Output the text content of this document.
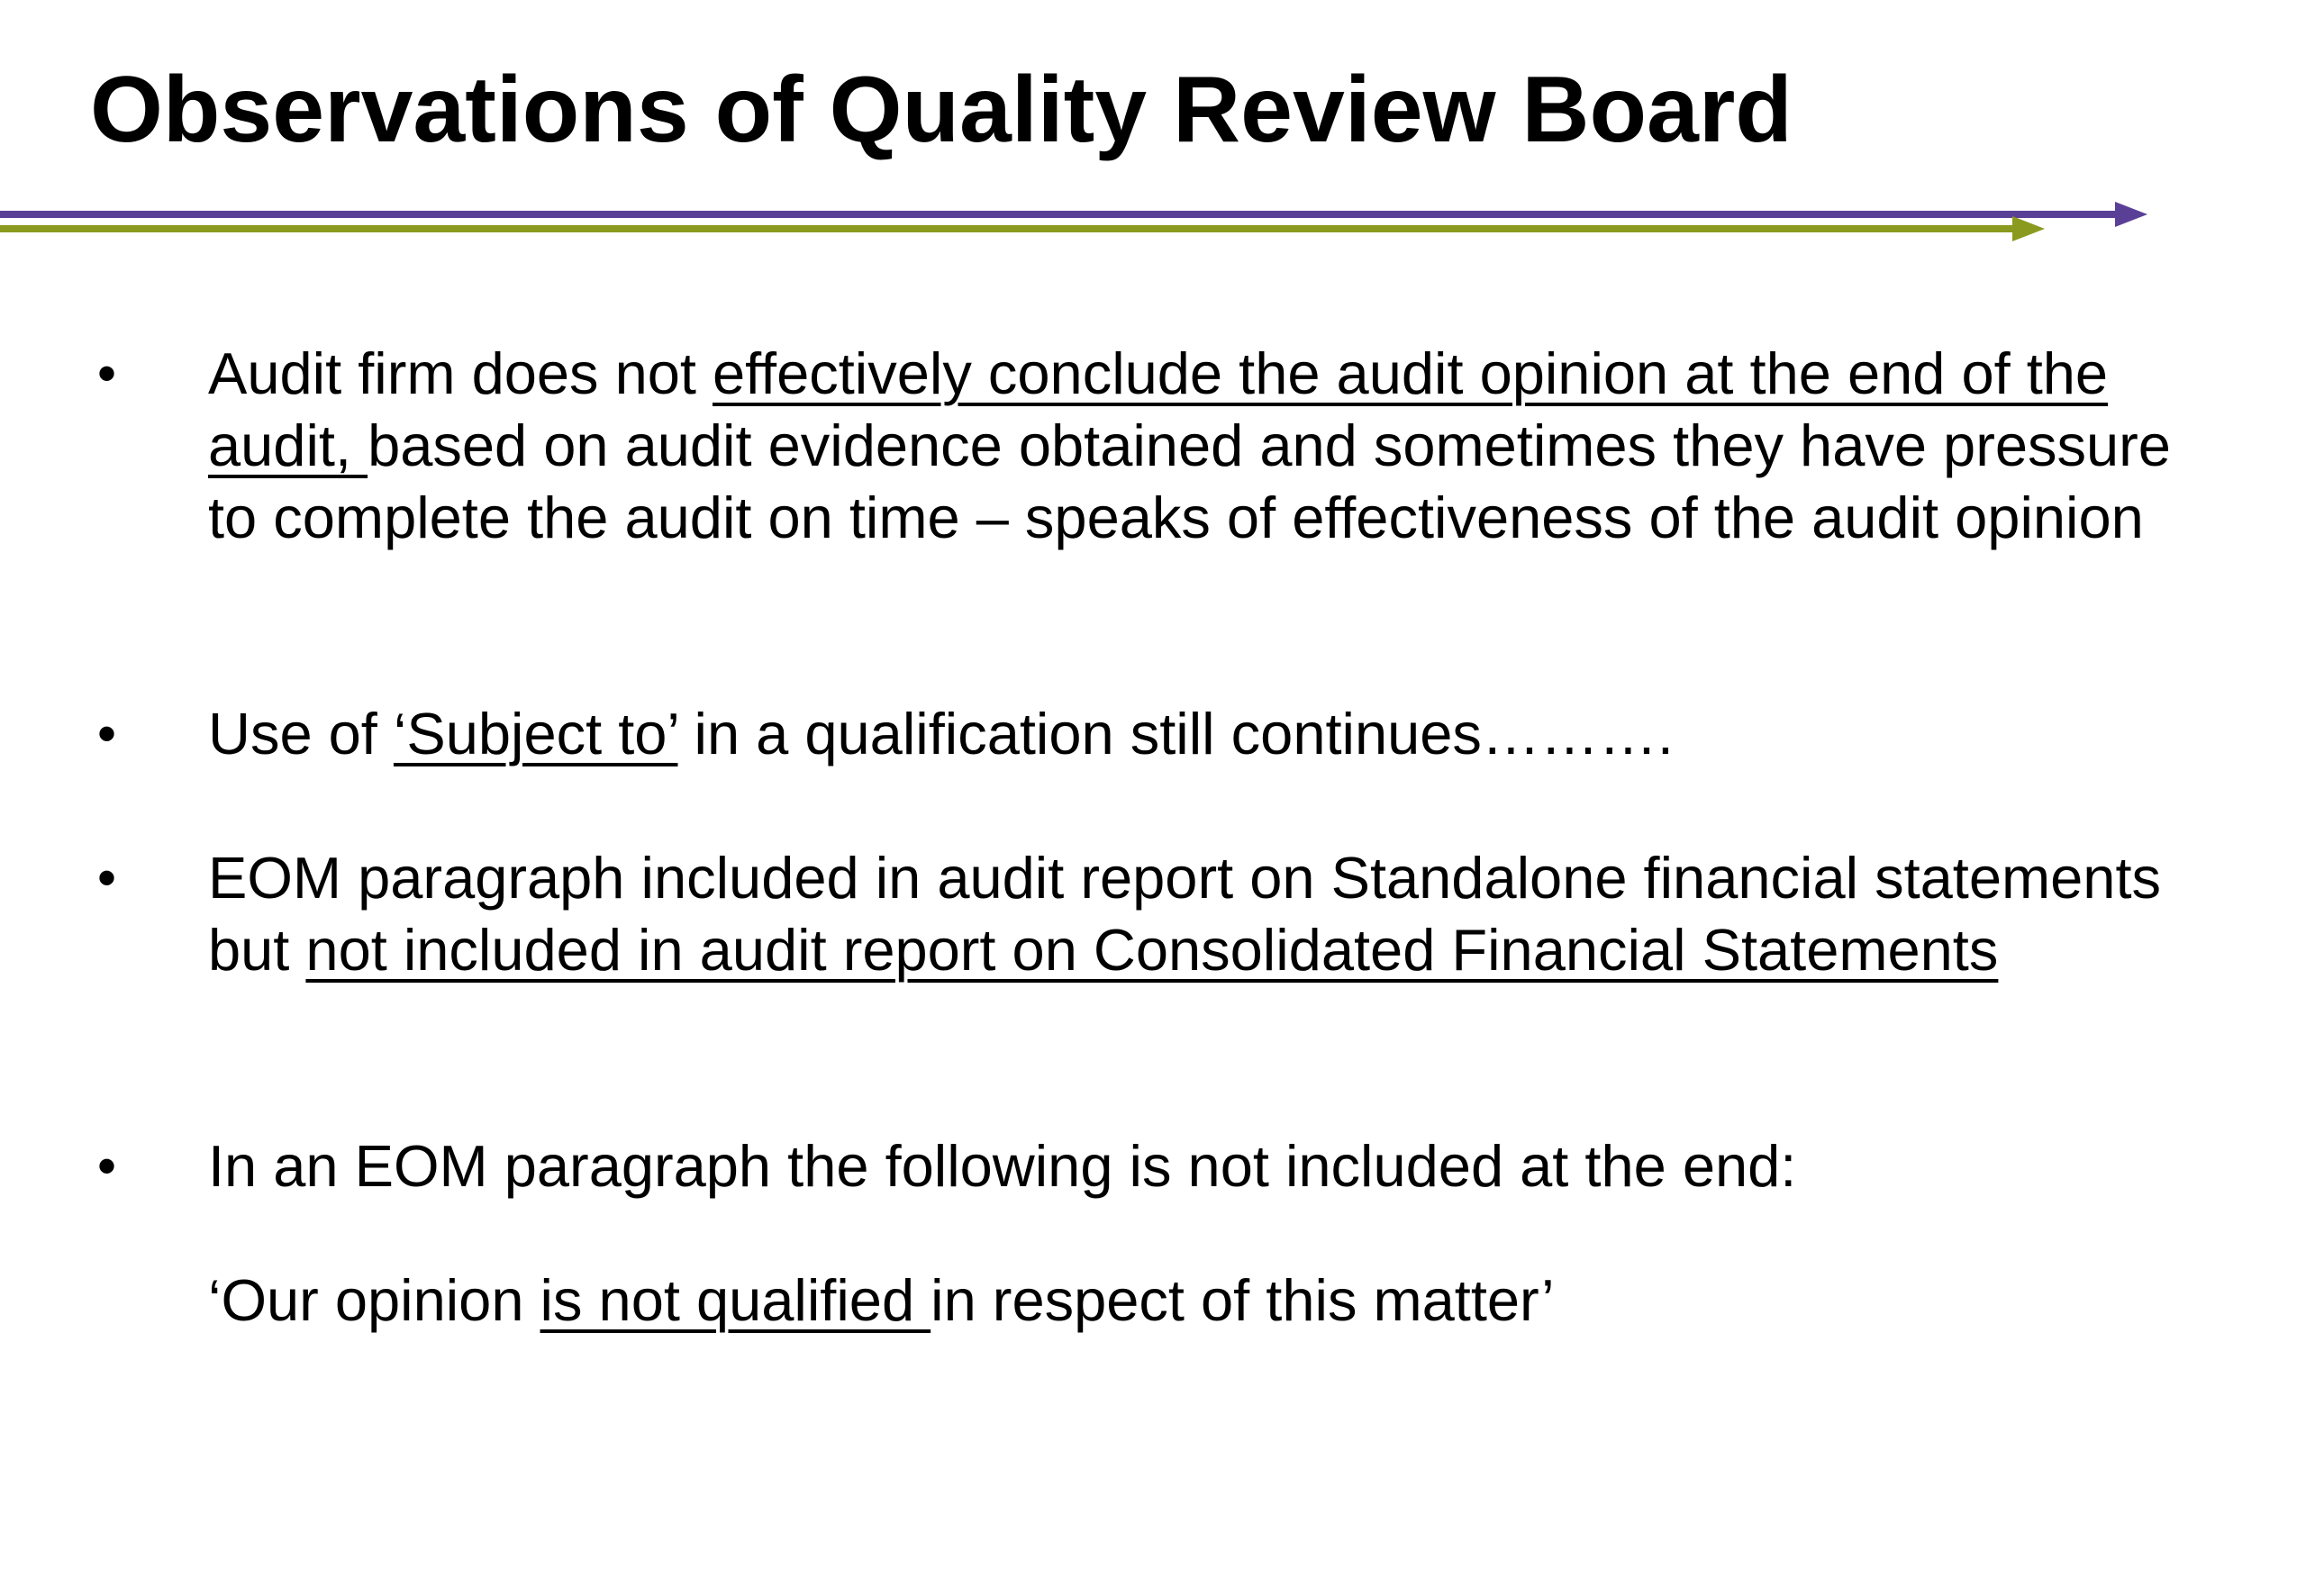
Observations of Quality Review Board
• Audit firm does not effectively conclude the audit opinion at the end of the audit, based on audit evidence obtained and sometimes they have pressure to complete the audit on time – speaks of effectiveness of the audit opinion
• Use of ‘Subject to’ in a qualification still continues……….
• EOM paragraph included in audit report on Standalone financial statements but not included in audit report on Consolidated Financial Statements
• In an EOM paragraph the following is not included at the end:
‘Our opinion is not qualified in respect of this matter’
